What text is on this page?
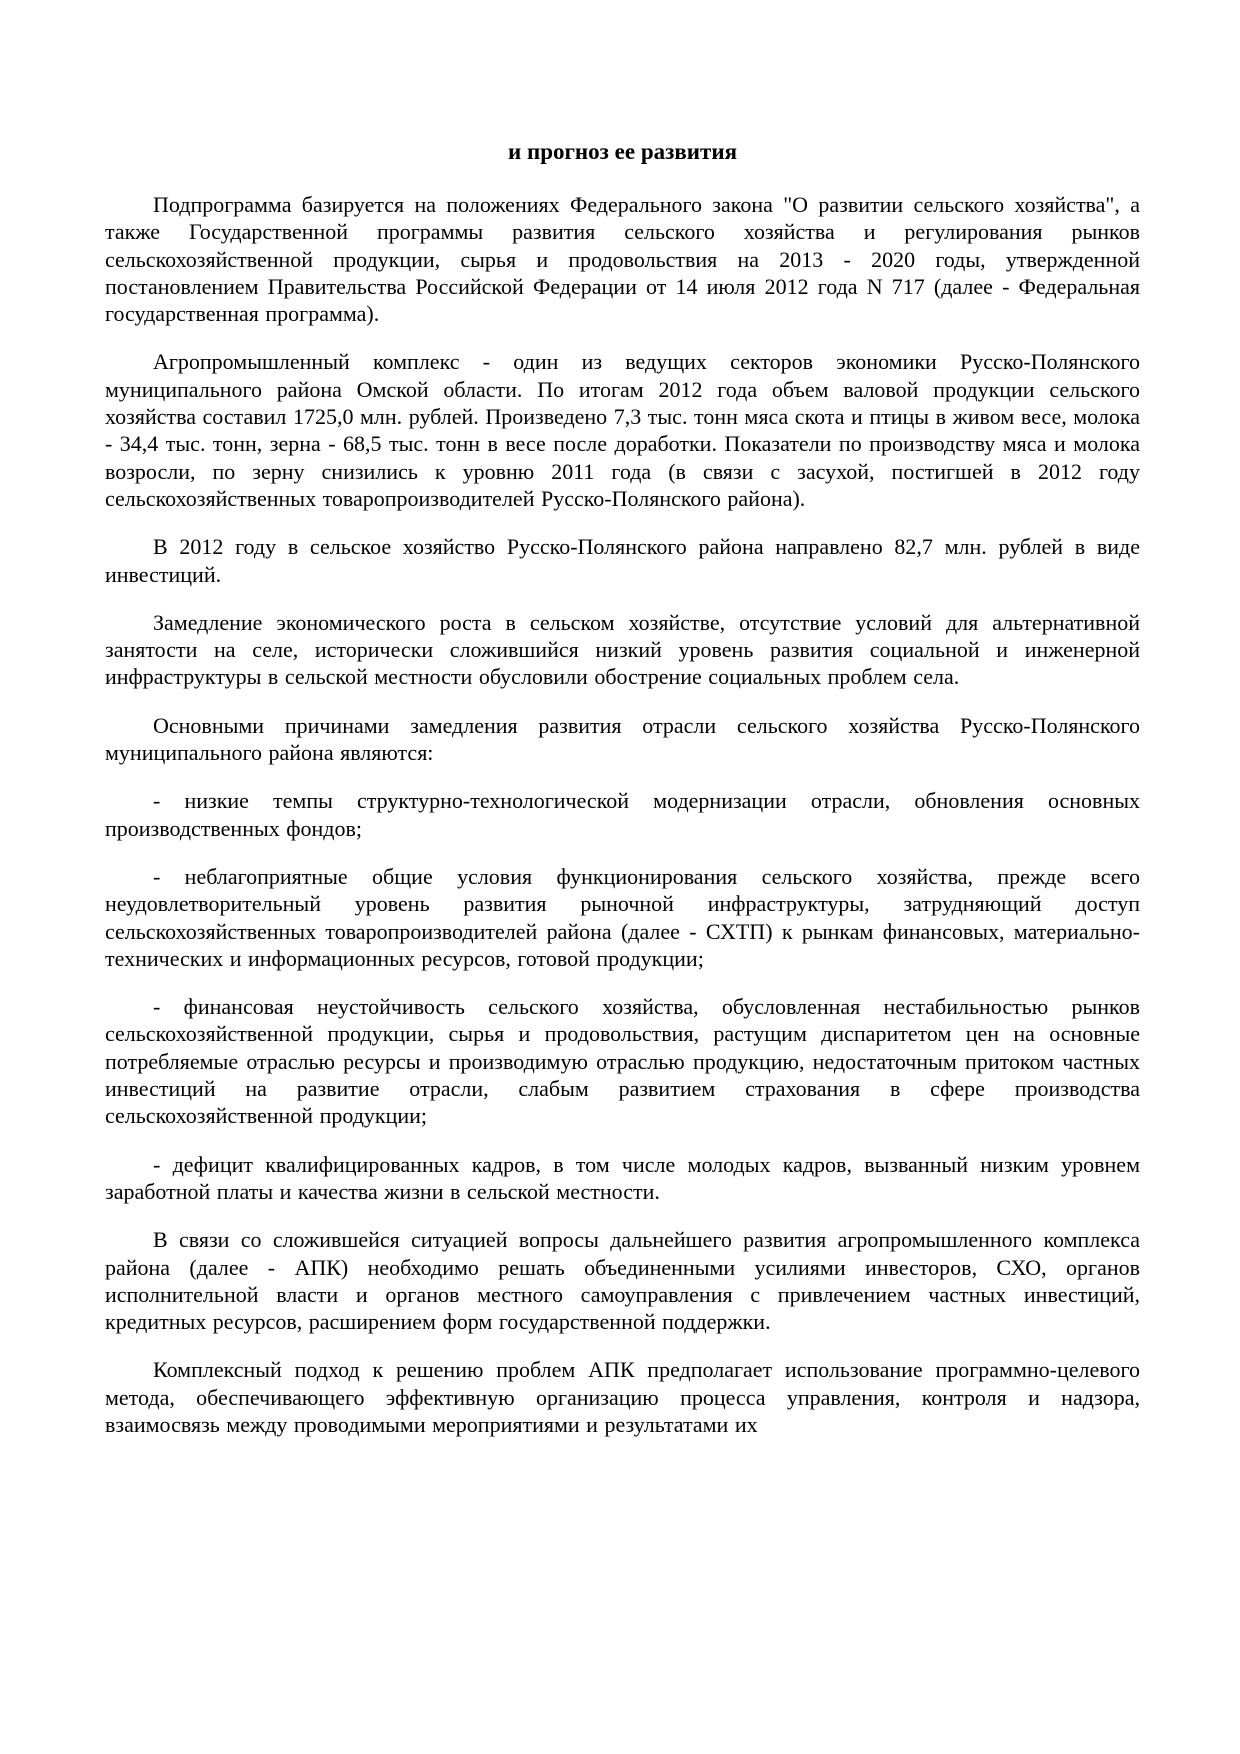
и прогноз ее развития

Подпрограмма базируется на положениях Федерального закона "О развитии сельского хозяйства", а также Государственной программы развития сельского хозяйства и регулирования рынков сельскохозяйственной продукции, сырья и продовольствия на 2013 - 2020 годы, утвержденной постановлением Правительства Российской Федерации от 14 июля 2012 года N 717 (далее - Федеральная государственная программа).

Агропромышленный комплекс - один из ведущих секторов экономики Русско-Полянского муниципального района Омской области. По итогам 2012 года объем валовой продукции сельского хозяйства составил 1725,0 млн. рублей. Произведено 7,3 тыс. тонн мяса скота и птицы в живом весе, молока - 34,4 тыс. тонн, зерна - 68,5 тыс. тонн в весе после доработки. Показатели по производству мяса и молока возросли, по зерну снизились к уровню 2011 года (в связи с засухой, постигшей в 2012 году сельскохозяйственных товаропроизводителей Русско-Полянского района).

В 2012 году в сельское хозяйство Русско-Полянского района направлено 82,7 млн. рублей в виде инвестиций.

Замедление экономического роста в сельском хозяйстве, отсутствие условий для альтернативной занятости на селе, исторически сложившийся низкий уровень развития социальной и инженерной инфраструктуры в сельской местности обусловили обострение социальных проблем села.

Основными причинами замедления развития отрасли сельского хозяйства Русско-Полянского муниципального района являются:

- низкие темпы структурно-технологической модернизации отрасли, обновления основных производственных фондов;

- неблагоприятные общие условия функционирования сельского хозяйства, прежде всего неудовлетворительный уровень развития рыночной инфраструктуры, затрудняющий доступ сельскохозяйственных товаропроизводителей района (далее - СХТП) к рынкам финансовых, материально-технических и информационных ресурсов, готовой продукции;

- финансовая неустойчивость сельского хозяйства, обусловленная нестабильностью рынков сельскохозяйственной продукции, сырья и продовольствия, растущим диспаритетом цен на основные потребляемые отраслью ресурсы и производимую отраслью продукцию, недостаточным притоком частных инвестиций на развитие отрасли, слабым развитием страхования в сфере производства сельскохозяйственной продукции;

- дефицит квалифицированных кадров, в том числе молодых кадров, вызванный низким уровнем заработной платы и качества жизни в сельской местности.

В связи со сложившейся ситуацией вопросы дальнейшего развития агропромышленного комплекса района (далее - АПК) необходимо решать объединенными усилиями инвесторов, СХО, органов исполнительной власти и органов местного самоуправления с привлечением частных инвестиций, кредитных ресурсов, расширением форм государственной поддержки.

Комплексный подход к решению проблем АПК предполагает использование программно-целевого метода, обеспечивающего эффективную организацию процесса управления, контроля и надзора, взаимосвязь между проводимыми мероприятиями и результатами их
